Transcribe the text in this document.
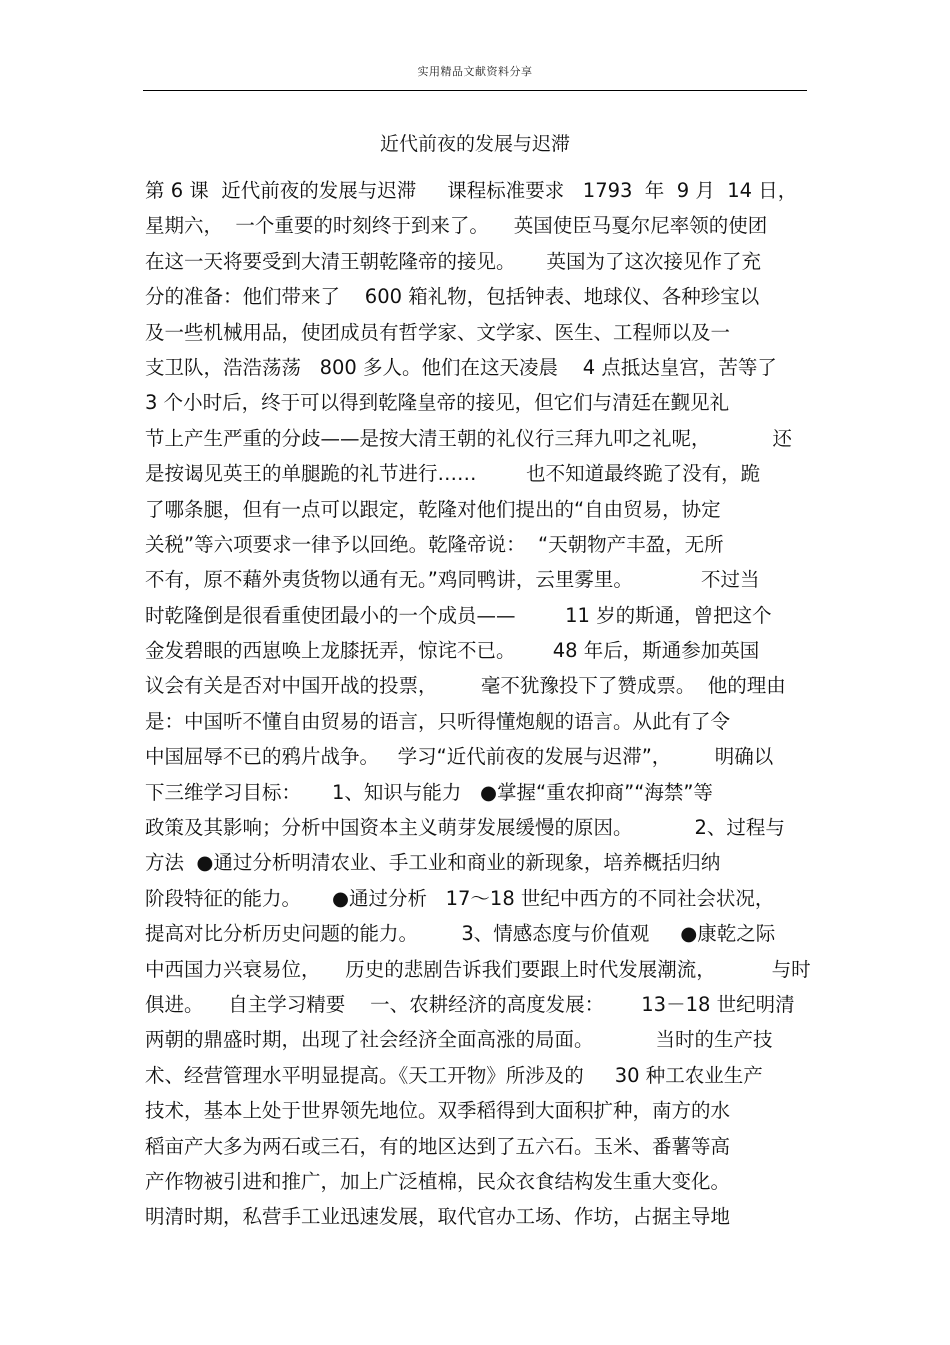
实用精品文献资料分享
近代前夜的发展与迟滞
第 6 课  近代前夜的发展与迟滞     课程标准要求   1793  年  9 月  14 日，
星期六，  一个重要的时刻终于到来了。    英国使臣马戛尔尼率领的使团
在这一天将要受到大清王朝乾隆帝的接见。     英国为了这次接见作了充
分的准备：他们带来了    600 箱礼物，包括钟表、地球仪、各种珍宝以
及一些机械用品，使团成员有哲学家、文学家、医生、工程师以及一
支卫队，浩浩荡荡   800 多人。他们在这天凌晨    4 点抵达皇宫，苦等了
3 个小时后，终于可以得到乾隆皇帝的接见，但它们与清廷在觐见礼
节上产生严重的分歧——是按大清王朝的礼仪行三拜九叩之礼呢，          还
是按谒见英王的单腿跪的礼节进行……        也不知道最终跪了没有，跪
了哪条腿，但有一点可以跟定，乾隆对他们提出的“自由贸易，协定
关税”等六项要求一律予以回绝。乾隆帝说：  “天朝物产丰盈，无所
不有，原不藉外夷货物以通有无。”鸡同鸭讲，云里雾里。           不过当
时乾隆倒是很看重使团最小的一个成员——        11 岁的斯通，曾把这个
金发碧眼的西崽唤上龙膝抚弄，惊诧不已。      48 年后，斯通参加英国
议会有关是否对中国开战的投票，       毫不犹豫投下了赞成票。  他的理由
是：中国听不懂自由贸易的语言，只听得懂炮舰的语言。从此有了令
中国屈辱不已的鸦片战争。   学习“近代前夜的发展与迟滞”，       明确以
下三维学习目标：     1、知识与能力   ●掌握“重农抑商”“海禁”等
政策及其影响；分析中国资本主义萌芽发展缓慢的原因。          2、过程与
方法  ●通过分析明清农业、手工业和商业的新现象，培养概括归纳
阶段特征的能力。     ●通过分析   17～18 世纪中西方的不同社会状况，
提高对比分析历史问题的能力。       3、情感态度与价值观     ●康乾之际
中西国力兴衰易位，    历史的悲剧告诉我们要跟上时代发展潮流，         与时
俱进。    自主学习精要    一、农耕经济的高度发展：      13－18 世纪明清
两朝的鼎盛时期，出现了社会经济全面高涨的局面。          当时的生产技
术、经营管理水平明显提高。《天工开物》所涉及的     30 种工农业生产
技术，基本上处于世界领先地位。双季稻得到大面积扩种，南方的水
稻亩产大多为两石或三石，有的地区达到了五六石。玉米、番薯等高
产作物被引进和推广，加上广泛植棉，民众衣食结构发生重大变化。
明清时期，私营手工业迅速发展，取代官办工场、作坊，占据主导地
